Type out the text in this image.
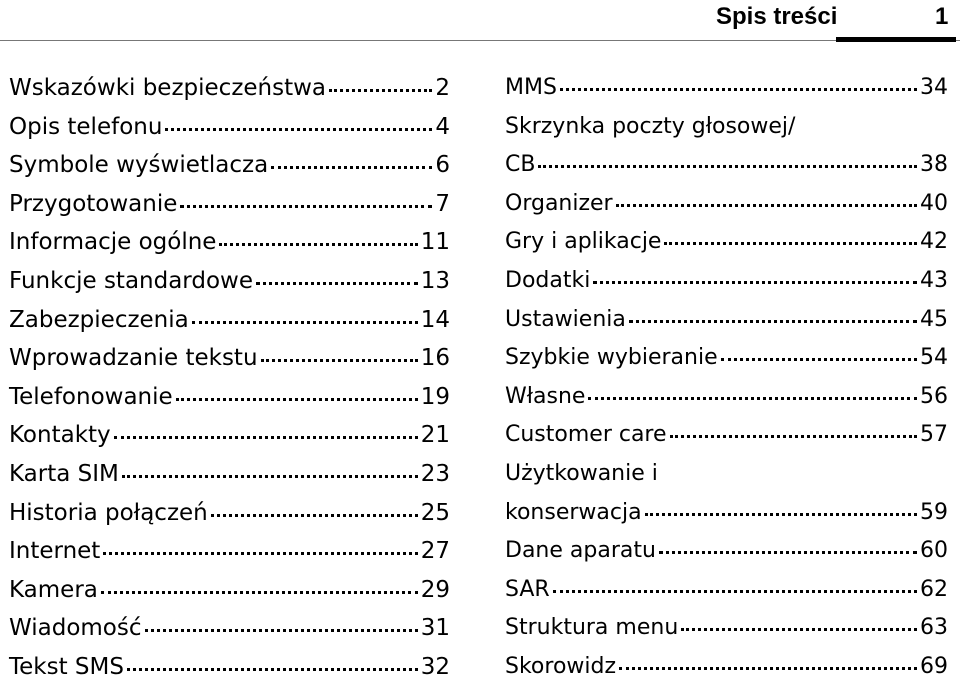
Spis treści	1
Wskazówki bezpieczeństwa	2
Opis telefonu	4
Symbole wyświetlacza	6
Przygotowanie	7
Informacje ogólne	11
Funkcje standardowe	13
Zabezpieczenia	14
Wprowadzanie tekstu	16
Telefonowanie	19
Kontakty	21
Karta SIM	23
Historia połączeń	25
Internet	27
Kamera	29
Wiadomość	31
Tekst SMS	32
MMS	34
Skrzynka poczty głosowej/
CB	38
Organizer	40
Gry i aplikacje	42
Dodatki	43
Ustawienia	45
Szybkie wybieranie	54
Własne	56
Customer care	57
Użytkowanie i
konserwacja	59
Dane aparatu	60
SAR	62
Struktura menu	63
Skorowidz	69
